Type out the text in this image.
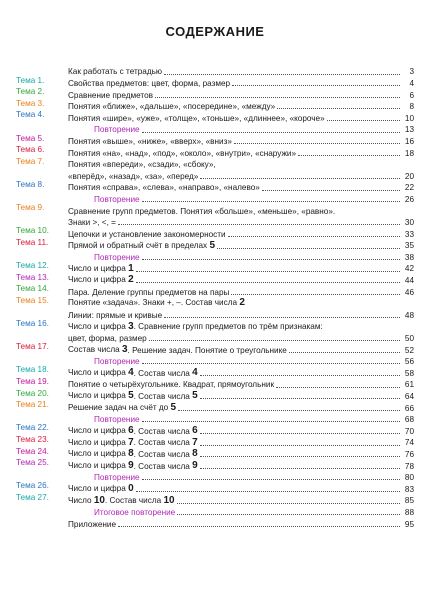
СОДЕРЖАНИЕ
Как работать с тетрадью	3
Тема 1.	Свойства предметов: цвет, форма, размер	4
Тема 2.	Сравнение предметов	6
Тема 3.	Понятия «ближе», «дальше», «посередине», «между»	8
Тема 4.	Понятия «шире», «уже», «толще», «тоньше», «длиннее», «короче»	10
Повторение	13
Тема 5.	Понятия «выше», «ниже», «вверх», «вниз»	16
Тема 6.	Понятия «на», «над», «под», «около», «внутри», «снаружи»	18
Тема 7.	Понятия «впереди», «сзади», «сбоку»,
«вперёд», «назад», «за», «перед»	20
Тема 8.	Понятия «справа», «слева», «направо», «налево»	22
Повторение	26
Тема 9.	Сравнение групп предметов. Понятия «больше», «меньше», «равно».
Знаки >, <, =	30
Тема 10.	Цепочки и установление закономерности	33
Тема 11.	Прямой и обратный счёт в пределах 5	35
Повторение	38
Тема 12.	Число и цифра 1	42
Тема 13.	Число и цифра 2	44
Тема 14.	Пара. Деление группы предметов на пары	46
Тема 15.	Понятие «задача». Знаки +, –. Состав числа 2
Линии: прямые и кривые	48
Тема 16.	Число и цифра 3 . Сравнение групп предметов по трём признакам:
цвет, форма, размер	50
Тема 17.	Состав числа 3 . Решение задач. Понятие о треугольнике	52
Повторение	56
Тема 18.	Число и цифра 4 . Состав числа
4	58
Тема 19.	Понятие о четырёхугольнике. Квадрат, прямоугольник	61
Тема 20.	Число и цифра 5 . Состав числа
5	64
Тема 21.	Решение задач на счёт до 5	66
Повторение	68
Тема 22.	Число и цифра 6 . Состав числа
6	70
Тема 23.	Число и цифра 7 . Состав числа
7	74
Тема 24.	Число и цифра 8 . Состав числа
8	76
Тема 25.	Число и цифра 9 . Состав числа
9	78
Повторение	80
Тема 26.	Число и цифра 0	83
Тема 27.	Число 10 . Состав числа
10	85
Итоговое повторение	88
Приложение	95
